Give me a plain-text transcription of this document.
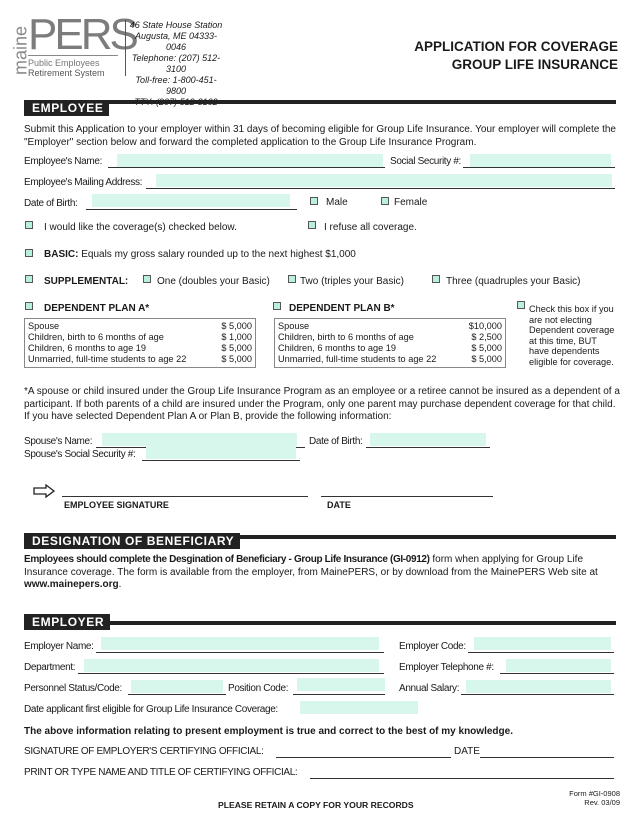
maine
PERS
Public Employees
Retirement System
46 State House Station
Augusta, ME 04333-0046
Telephone: (207) 512-3100
Toll-free: 1-800-451-9800
TTY: (207) 512-3102
APPLICATION FOR COVERAGE
GROUP LIFE INSURANCE
EMPLOYEE
Submit this Application to your employer within 31 days of becoming eligible for Group Life Insurance. Your employer will complete the "Employer" section below and forward the completed application to the Group Life Insurance Program.
Employee's Name:	Social Security #:
Employee's Mailing Address:
Date of Birth:	Male	Female
I would like the coverage(s) checked below.	I refuse all coverage.
BASIC: Equals my gross salary rounded up to the next highest $1,000
SUPPLEMENTAL:	One (doubles your Basic)	Two (triples your Basic)	Three (quadruples your Basic)
DEPENDENT PLAN A*
Spouse	$ 5,000
Children, birth to 6 months of age	$ 1,000
Children, 6 months to age 19	$ 5,000
Unmarried, full-time students to age 22	$ 5,000
DEPENDENT PLAN B*
Spouse	$10,000
Children, birth to 6 months of age	$ 2,500
Children, 6 months to age 19	$ 5,000
Unmarried, full-time students to age 22	$ 5,000
Check this box if you
are not electing
Dependent coverage
at this time, BUT
have dependents
eligible for coverage.
*A spouse or child insured under the Group Life Insurance Program as an employee or a retiree cannot be insured as a dependent of a participant. If both parents of a child are insured under the Program, only one parent may purchase dependent coverage for that child. If you have selected Dependent Plan A or Plan B, provide the following information:
Spouse's Name:	Date of Birth:
Spouse's Social Security #:
EMPLOYEE SIGNATURE	DATE
DESIGNATION OF BENEFICIARY
Employees should complete the Desgination of Beneficiary - Group Life Insurance (GI-0912) form when applying for Group Life Insurance coverage. The form is available from the employer, from MainePERS, or by download from the MainePERS Web site at www.mainepers.org.
EMPLOYER
Employer Name:	Employer Code:
Department:	Employer Telephone #:
Personnel Status/Code:	Position Code:	Annual Salary:
Date applicant first eligible for Group Life Insurance Coverage:
The above information relating to present employment is true and correct to the best of my knowledge.
SIGNATURE OF EMPLOYER'S CERTIFYING OFFICIAL:	DATE
PRINT OR TYPE NAME AND TITLE OF CERTIFYING OFFICIAL:
PLEASE RETAIN A COPY FOR YOUR RECORDS
Form #GI-0908
Rev. 03/09
